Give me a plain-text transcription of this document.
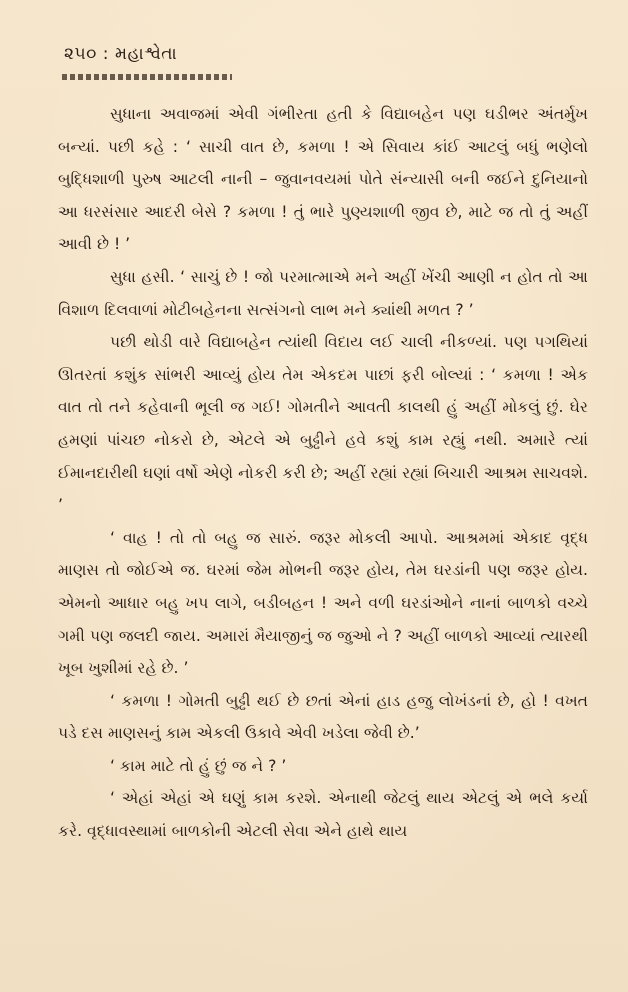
૨૫૦ : મહાશ્વેતા

સુધાના અવાજમાં એવી ગંભીરતા હતી કે વિદ્યાબહેન પણ ઘડીભર અંતર્મુખ બન્યાં. પછી કહે : ‘ સાચી વાત છે, કમળા ! એ સિવાય કાંઈ આટલું બધું ભણેલો બુદ્ધિશાળી પુરુષ આટલી નાની – જુવાનવયમાં પોતે સંન્યાસી બની જઈને દુનિયાનો આ ધરસંસાર આદરી બેસે ? કમળા ! તું ભારે પુણ્યશાળી જીવ છે, માટે જ તો તું અહીં આવી છે ! ’

સુધા હસી. ‘ સાચું છે ! જો પરમાત્માએ મને અહીં ખેંચી આણી ન હોત તો આ વિશાળ દિલવાળાં મોટીબહેનના સત્સંગનો લાભ મને ક્યાંથી મળત ? ’

પછી થોડી વારે વિદ્યાબહેન ત્યાંથી વિદાય લઈ ચાલી નીકળ્યાં. પણ પગથિયાં ઊતરતાં કશુંક સાંભરી આવ્યું હોય તેમ એકદમ પાછાં ફરી બોલ્યાં : ‘ કમળા ! એક વાત તો તને કહેવાની ભૂલી જ ગઈ! ગોમતીને આવતી કાલથી હું અહીં મોકલું છું. ઘેર હમણાં પાંચછ નોકરો છે, એટલે એ બુઢ્ઢીને હવે કશું કામ રહ્યું નથી. અમારે ત્યાં ઈમાનદારીથી ઘણાં વર્ષો એણે નોકરી કરી છે; અહીં રહ્યાં રહ્યાં બિચારી આશ્રમ સાચવશે. ’

‘ વાહ ! તો તો બહુ જ સારું. જરૂર મોકલી આપો. આશ્રમમાં એકાદ વૃદ્ધ માણસ તો જોઈએ જ. ઘરમાં જેમ મોભની જરૂર હોય, તેમ ઘરડાંની પણ જરૂર હોય. એમનો આધાર બહુ ખપ લાગે, બડીબહન ! અને વળી ઘરડાંઓને નાનાં બાળકો વચ્ચે ગમી પણ જલદી જાય. અમારાં મૈયાજીનું જ જુઓ ને ? અહીં બાળકો આવ્યાં ત્યારથી ખૂબ ખુશીમાં રહે છે. ’

‘ કમળા ! ગોમતી બુઢ્ઢી થઈ છે છતાં એનાં હાડ હજુ લોખંડનાં છે, હો ! વખત પડે દસ માણસનું કામ એકલી ઉકાવે એવી ખડેલા જેવી છે.’

‘ કામ માટે તો હું છું જ ને ? ’

‘ એહાં એહાં એ ઘણું કામ કરશે. એનાથી જેટલું થાય એટલું એ ભલે કર્યા કરે. વૃદ્ધાવસ્થામાં બાળકોની એટલી સેવા એને હાથે થાય
